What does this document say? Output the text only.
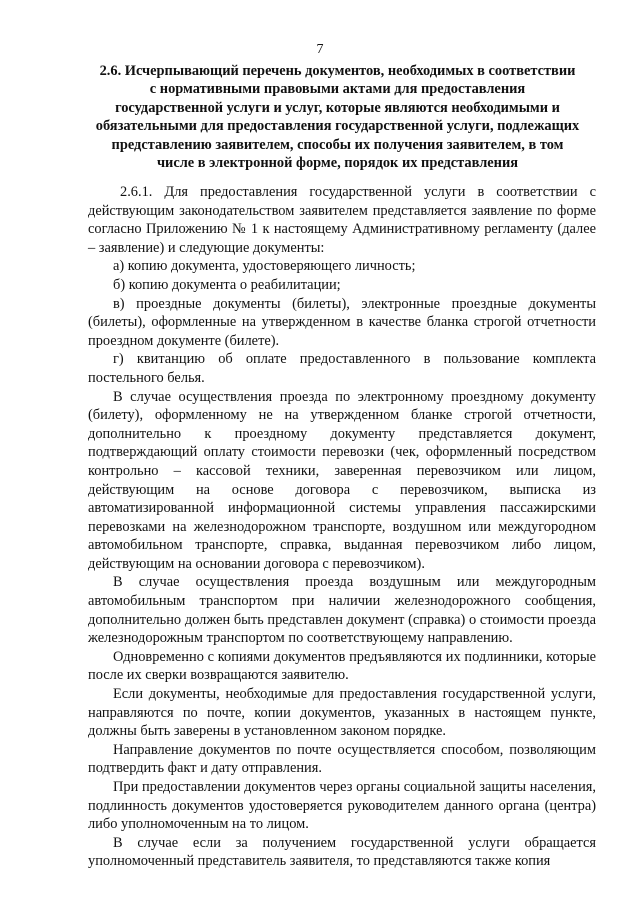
7
2.6. Исчерпывающий перечень документов, необходимых в соответствии с нормативными правовыми актами для предоставления государственной услуги и услуг, которые являются необходимыми и обязательными для предоставления государственной услуги, подлежащих представлению заявителем, способы их получения заявителем, в том числе в электронной форме, порядок их представления

2.6.1. Для предоставления государственной услуги в соответствии с действующим законодательством заявителем представляется заявление по форме согласно Приложению № 1 к настоящему Административному регламенту (далее – заявление) и следующие документы:

а) копию документа, удостоверяющего личность;

б) копию документа о реабилитации;

в) проездные документы (билеты), электронные проездные документы (билеты), оформленные на утвержденном в качестве бланка строгой отчетности проездном документе (билете).

г) квитанцию об оплате предоставленного в пользование комплекта постельного белья.

В случае осуществления проезда по электронному проездному документу (билету), оформленному не на утвержденном бланке строгой отчетности, дополнительно к проездному документу представляется документ, подтверждающий оплату стоимости перевозки (чек, оформленный посредством контрольно – кассовой техники, заверенная перевозчиком или лицом, действующим на основе договора с перевозчиком, выписка из автоматизированной информационной системы управления пассажирскими перевозками на железнодорожном транспорте, воздушном или междугородном автомобильном транспорте, справка, выданная перевозчиком либо лицом, действующим на основании договора с перевозчиком).

В случае осуществления проезда воздушным или междугородным автомобильным транспортом при наличии железнодорожного сообщения, дополнительно должен быть представлен документ (справка) о стоимости проезда железнодорожным транспортом по соответствующему направлению.

Одновременно с копиями документов предъявляются их подлинники, которые после их сверки возвращаются заявителю.

Если документы, необходимые для предоставления государственной услуги, направляются по почте, копии документов, указанных в настоящем пункте, должны быть заверены в установленном законом порядке.

Направление документов по почте осуществляется способом, позволяющим подтвердить факт и дату отправления.

При предоставлении документов через органы социальной защиты населения, подлинность документов удостоверяется руководителем данного органа (центра) либо уполномоченным на то лицом.

В случае если за получением государственной услуги обращается уполномоченный представитель заявителя, то представляются также копия
